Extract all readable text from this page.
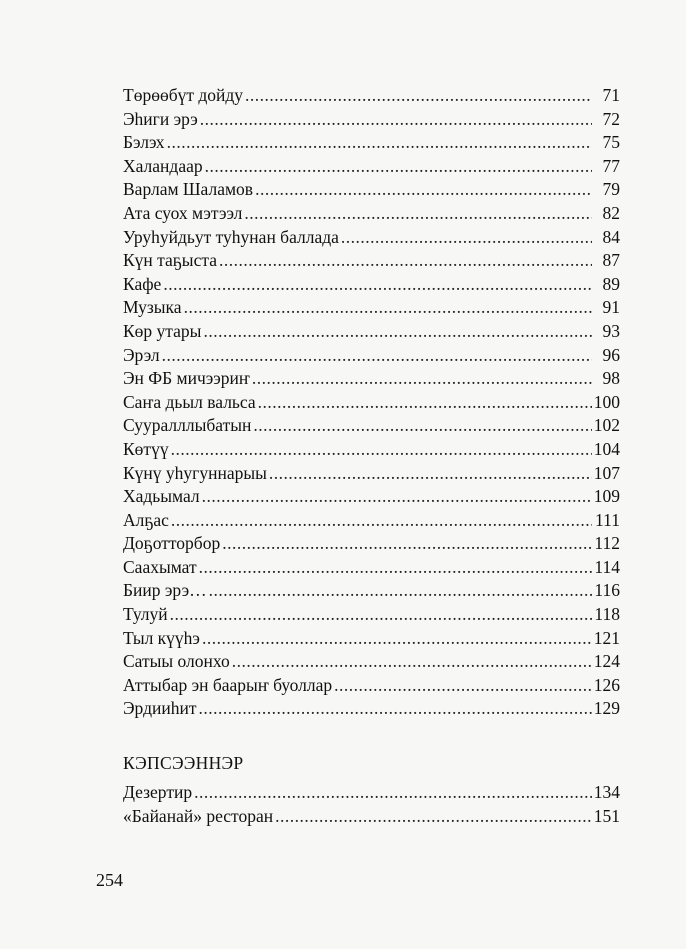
Төрөөбүт дойду .....	71
Эһиги эрэ .....	72
Бэлэх .....	75
Халандаар .....	77
Варлам Шаламов .....	79
Ата суох мэтээл .....	82
Уруһуйдьут туһунан баллада .....	84
Күн таҕыста .....	87
Кафе .....	89
Музыка .....	91
Көр утары .....	93
Эрэл .....	96
Эн ФБ мичээриҥ .....	98
Саҥа дьыл вальса .....	100
Сууралллыбатын .....	102
Көтүү .....	104
Күнү уһугуннарыы .....	107
Хадьымал .....	109
Алҕас .....	111
Доҕотторбор .....	112
Саахымат .....	114
Биир эрэ… .....	116
Тулуй .....	118
Тыл күүһэ .....	121
Сатыы олонхо .....	124
Аттыбар эн баарыҥ буоллар .....	126
Эрдииһит .....	129
КЭПСЭЭННЭР
Дезертир .....	134
«Байанай» ресторан .....	151
254
